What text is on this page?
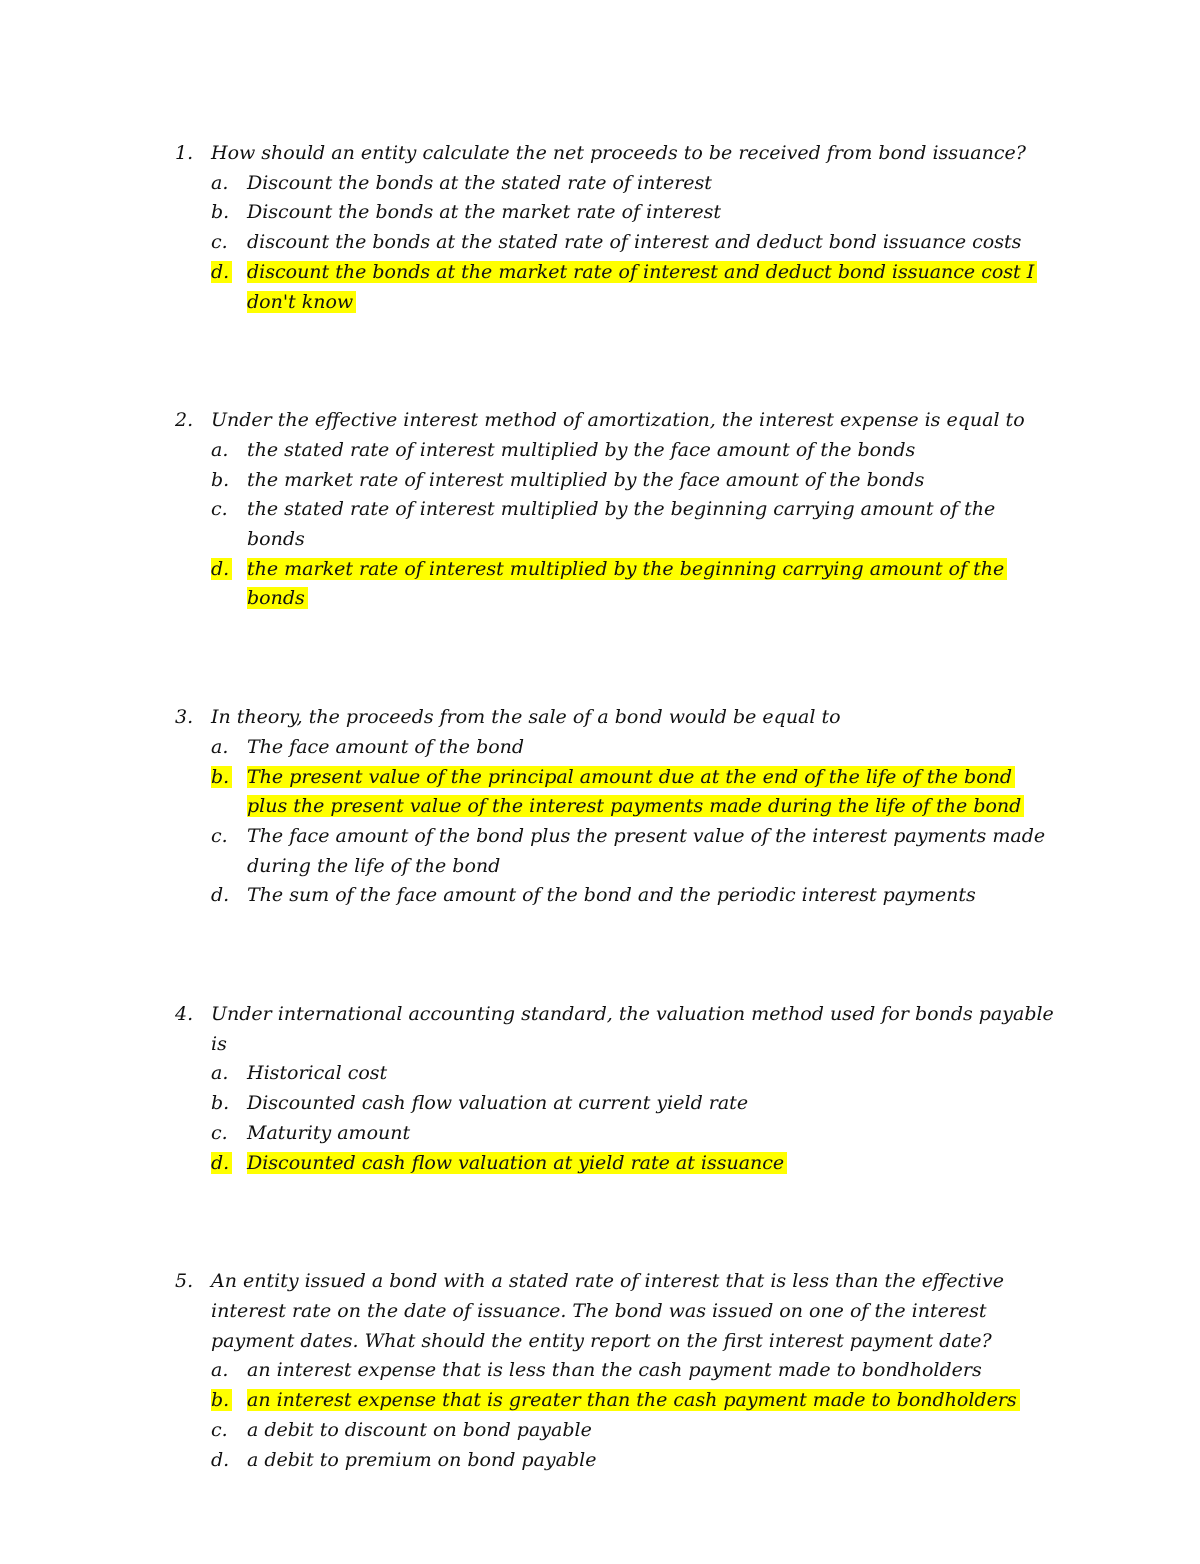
1. How should an entity calculate the net proceeds to be received from bond issuance?
a. Discount the bonds at the stated rate of interest
b. Discount the bonds at the market rate of interest
c.	discount the bonds at the stated rate of interest and deduct bond issuance costs
d. discount the bonds at the market rate of interest and deduct bond issuance cost I don't know
2. Under the effective interest method of amortization, the interest expense is equal to
a. the stated rate of interest multiplied by the face amount of the bonds
b. the market rate of interest multiplied by the face amount of the bonds
c.	the stated rate of interest multiplied by the beginning carrying amount of the bonds
d. the market rate of interest multiplied by the beginning carrying amount of the bonds
3. In theory, the proceeds from the sale of a bond would be equal to
a. The face amount of the bond
b. The present value of the principal amount due at the end of the life of the bond plus the present value of the interest payments made during the life of the bond
c.	The face amount of the bond plus the present value of the interest payments made during the life of the bond
d. The sum of the face amount of the bond and the periodic interest payments
4. Under international accounting standard, the valuation method used for bonds payable is
a. Historical cost
b. Discounted cash flow valuation at current yield rate
c.	Maturity amount
d. Discounted cash flow valuation at yield rate at issuance
5. An entity issued a bond with a stated rate of interest that is less than the effective interest rate on the date of issuance. The bond was issued on one of the interest payment dates. What should the entity report on the first interest payment date?
a. an interest expense that is less than the cash payment made to bondholders
b. an interest expense that is greater than the cash payment made to bondholders
c.	a debit to discount on bond payable
d. a debit to premium on bond payable
